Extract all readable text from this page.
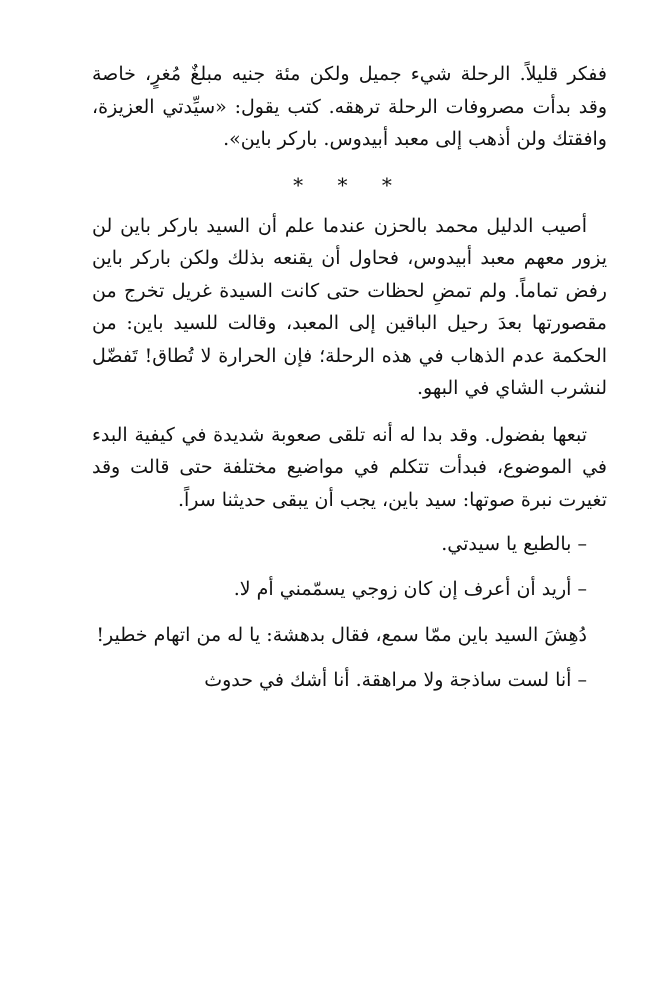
ففكر قليلاً. الرحلة شيء جميل ولكن مئة جنيه مبلغٌ مُغرٍ، خاصة وقد بدأت مصروفات الرحلة ترهقه. كتب يقول: «سيِّدتي العزيزة، وافقتك ولن أذهب إلى معبد أبيدوس. باركر باين».

* * *

أصيب الدليل محمد بالحزن عندما علم أن السيد باركر باين لن يزور معهم معبد أبيدوس، فحاول أن يقنعه بذلك ولكن باركر باين رفض تماماً. ولم تمضِ لحظات حتى كانت السيدة غريل تخرج من مقصورتها بعدَ رحيل الباقين إلى المعبد، وقالت للسيد باين: من الحكمة عدم الذهاب في هذه الرحلة؛ فإن الحرارة لا تُطاق! تَفضّل لنشرب الشاي في البهو.

تبعها بفضول. وقد بدا له أنه تلقى صعوبة شديدة في كيفية البدء في الموضوع، فبدأت تتكلم في مواضيع مختلفة حتى قالت وقد تغيرت نبرة صوتها: سيد باين، يجب أن يبقى حديثنا سراً.

– بالطبع يا سيدتي.

– أريد أن أعرف إن كان زوجي يسمّمني أم لا.

دُهِشَ السيد باين ممّا سمع، فقال بدهشة: يا له من اتهام خطير!

– أنا لست ساذجة ولا مراهقة. أنا أشك في حدوث
